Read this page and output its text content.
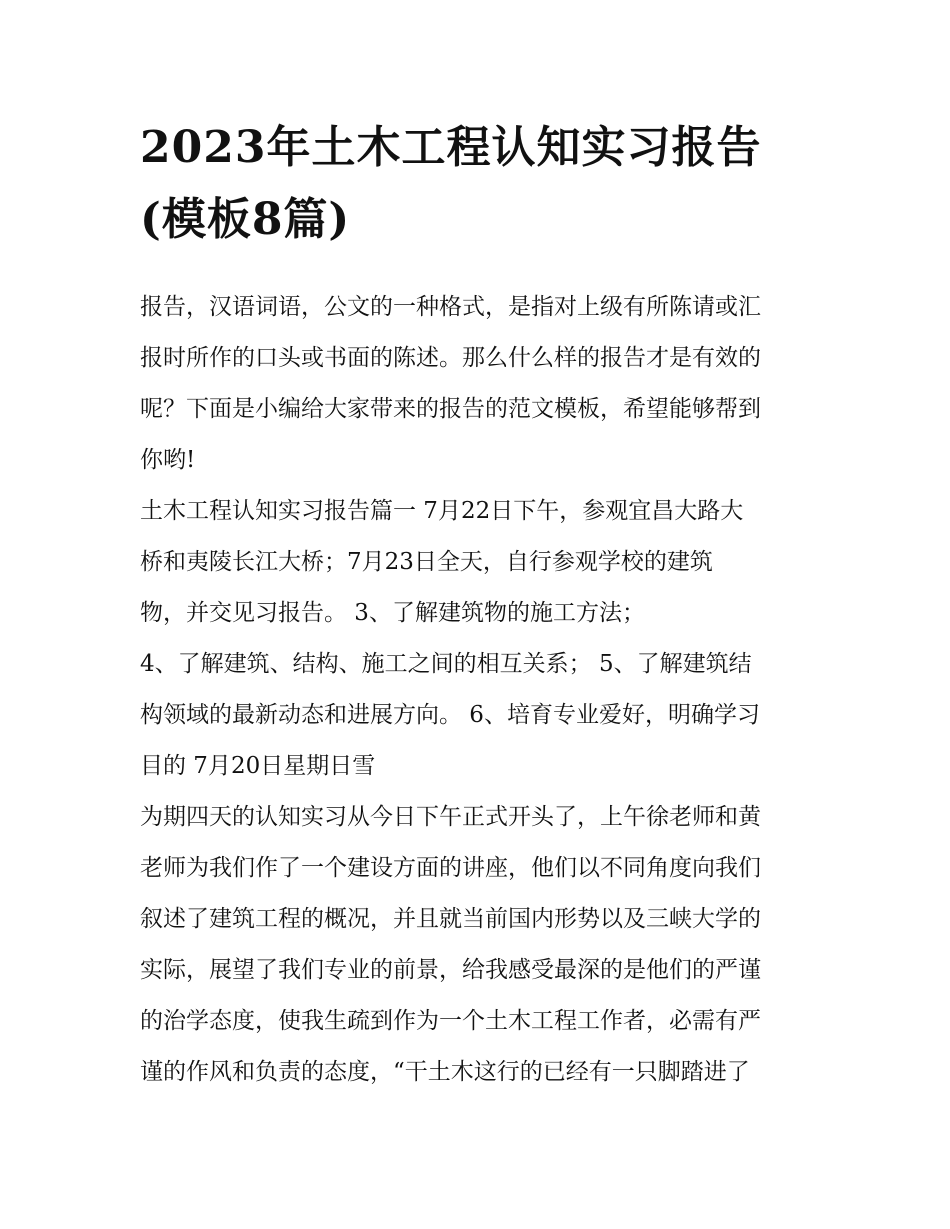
2023年土木工程认知实习报告
(模板8篇)
报告，汉语词语，公文的一种格式，是指对上级有所陈请或汇
报时所作的口头或书面的陈述。那么什么样的报告才是有效的
呢？下面是小编给大家带来的报告的范文模板，希望能够帮到
你哟!
土木工程认知实习报告篇一 7月22日下午，参观宜昌大路大
桥和夷陵长江大桥；7月23日全天，自行参观学校的建筑
物，并交见习报告。 3、了解建筑物的施工方法；
4、了解建筑、结构、施工之间的相互关系； 5、了解建筑结
构领域的最新动态和进展方向。 6、培育专业爱好，明确学习
目的 7月20日星期日雪
为期四天的认知实习从今日下午正式开头了，上午徐老师和黄
老师为我们作了一个建设方面的讲座，他们以不同角度向我们
叙述了建筑工程的概况，并且就当前国内形势以及三峡大学的
实际，展望了我们专业的前景，给我感受最深的是他们的严谨
的治学态度，使我生疏到作为一个土木工程工作者，必需有严
谨的作风和负责的态度，“干土木这行的已经有一只脚踏进了
